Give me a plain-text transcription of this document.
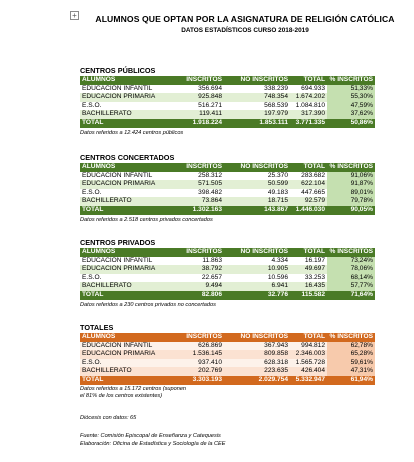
+	ALUMNOS QUE OPTAN POR LA ASIGNATURA DE RELIGIÓN CATÓLICA
DATOS ESTADÍSTICOS CURSO 2018-2019
CENTROS PÚBLICOS
ALUMNOS	INSCRITOS	NO INSCRITOS	TOTAL	% INSCRITOS
EDUCACION INFANTIL	356.694	338.239	694.933	51,33%
EDUCACION PRIMARIA	925.848	748.354	1.674.202	55,30%
E.S.O.	516.271	568.539	1.084.810	47,59%
BACHILLERATO	119.411	197.979	317.390	37,62%
TOTAL	1.918.224	1.853.111	3.771.335	50,86%
Datos referidos a 12.424 centros públicos
CENTROS CONCERTADOS
ALUMNOS	INSCRITOS	NO INSCRITOS	TOTAL	% INSCRITOS
EDUCACION INFANTIL	258.312	25.370	283.682	91,06%
EDUCACION PRIMARIA	571.505	50.599	622.104	91,87%
E.S.O.	398.482	49.183	447.665	89,01%
BACHILLERATO	73.864	18.715	92.579	79,78%
TOTAL	1.302.163	143.867	1.446.030	90,05%
Datos referidos a 2.518 centros privados concertados
CENTROS PRIVADOS
ALUMNOS	INSCRITOS	NO INSCRITOS	TOTAL	% INSCRITOS
EDUCACION INFANTIL	11.863	4.334	16.197	73,24%
EDUCACION PRIMARIA	38.792	10.905	49.697	78,06%
E.S.O.	22.657	10.596	33.253	68,14%
BACHILLERATO	9.494	6.941	16.435	57,77%
TOTAL	82.806	32.776	115.582	71,64%
Datos referidos a 230 centros privados no concertados
TOTALES
ALUMNOS	INSCRITOS	NO INSCRITOS	TOTAL	% INSCRITOS
EDUCACION INFANTIL	626.869	367.943	994.812	62,78%
EDUCACION PRIMARIA	1.536.145	809.858	2.346.003	65,28%
E.S.O.	937.410	628.318	1.565.728	59,61%
BACHILLERATO	202.769	223.635	426.404	47,31%
TOTAL	3.303.193	2.029.754	5.332.947	61,94%
Datos referidos a 15.172 centros (suponen
el 81% de los centros existentes)
Diócesis con datos: 65
Fuente: Comisión Episcopal de Enseñanza y Catequesis
Elaboración: Oficina de Estadística y Sociología de la CEE
